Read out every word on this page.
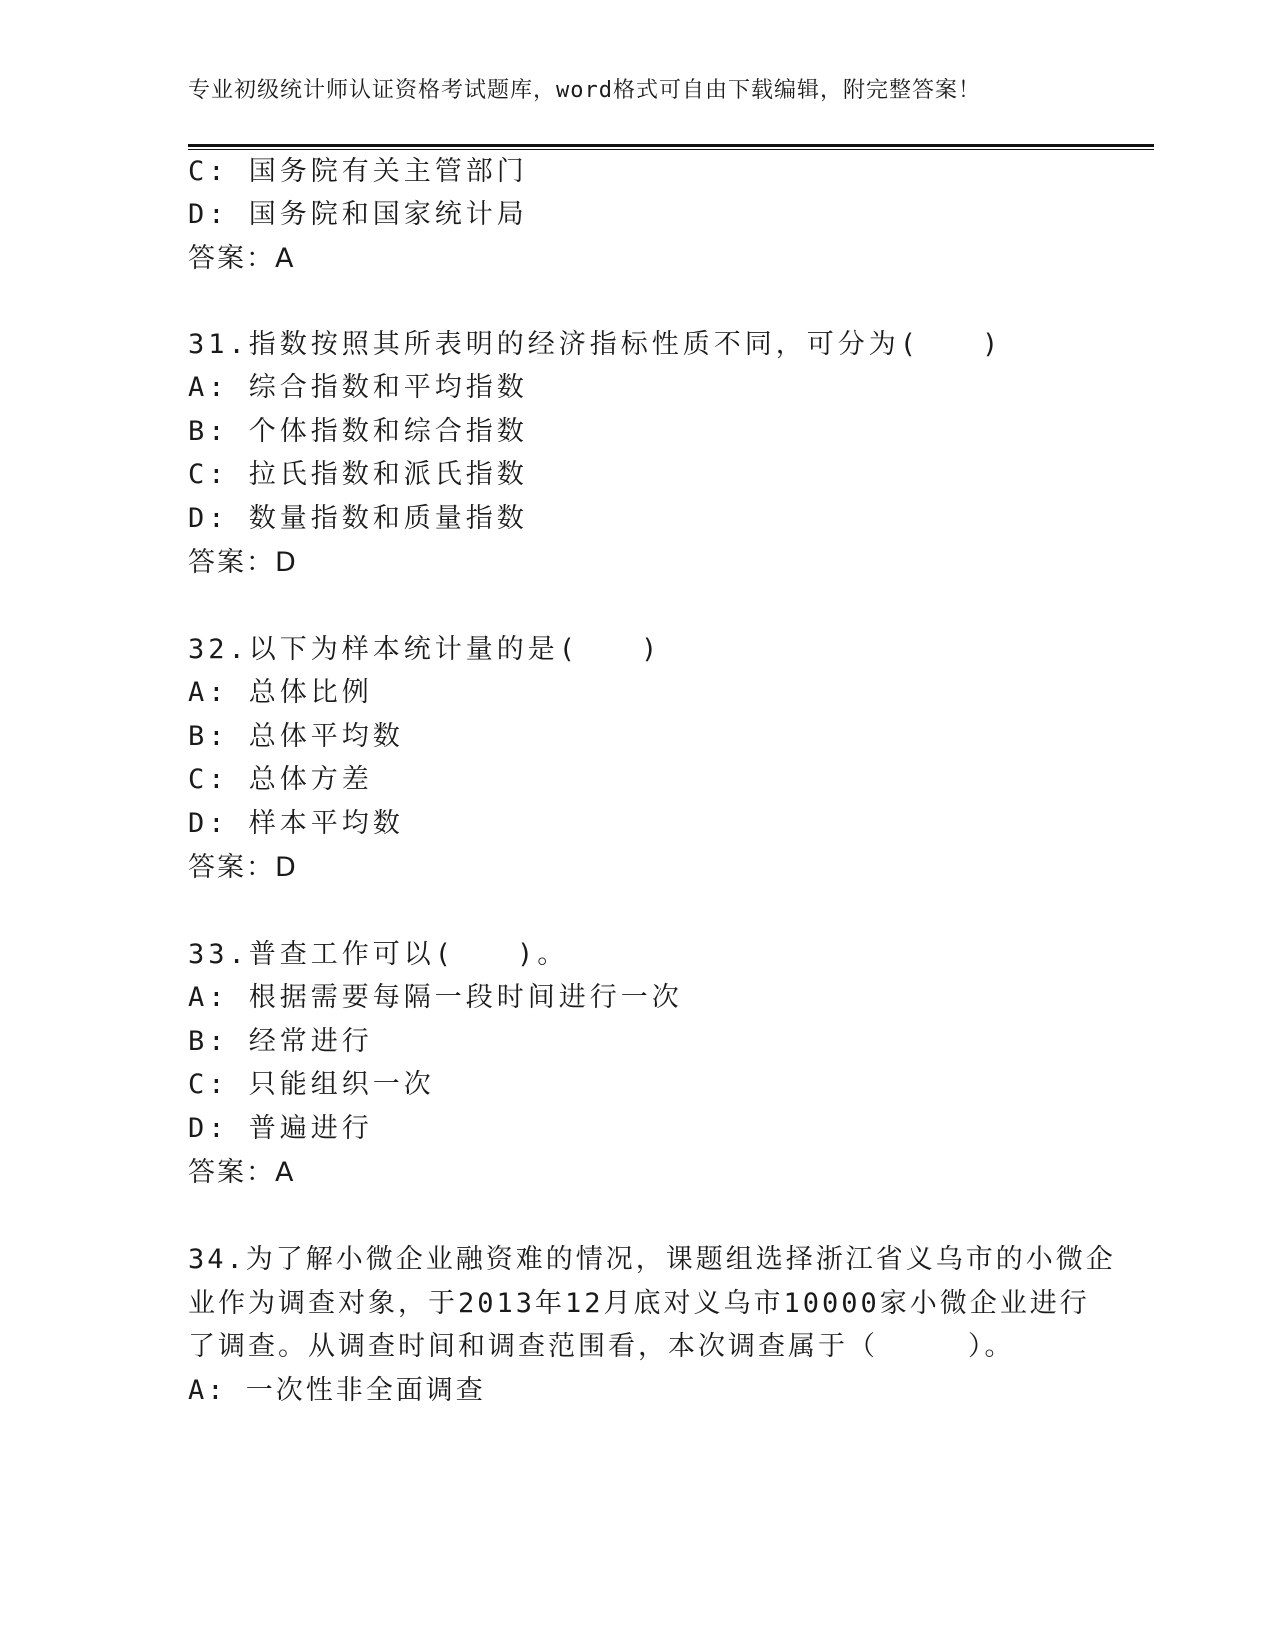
专业初级统计师认证资格考试题库，word格式可自由下载编辑，附完整答案！
C: 国务院有关主管部门
D: 国务院和国家统计局
答案：A
31.指数按照其所表明的经济指标性质不同，可分为(　　)
A: 综合指数和平均指数
B: 个体指数和综合指数
C: 拉氏指数和派氏指数
D: 数量指数和质量指数
答案：D
32.以下为样本统计量的是(　　)
A: 总体比例
B: 总体平均数
C: 总体方差
D: 样本平均数
答案：D
33.普查工作可以(　　)。
A: 根据需要每隔一段时间进行一次
B: 经常进行
C: 只能组织一次
D: 普遍进行
答案：A
34.为了解小微企业融资难的情况，课题组选择浙江省义乌市的小微企
业作为调查对象，于2013年12月底对义乌市10000家小微企业进行
了调查。从调查时间和调查范围看，本次调查属于（　　　）。
A: 一次性非全面调查
